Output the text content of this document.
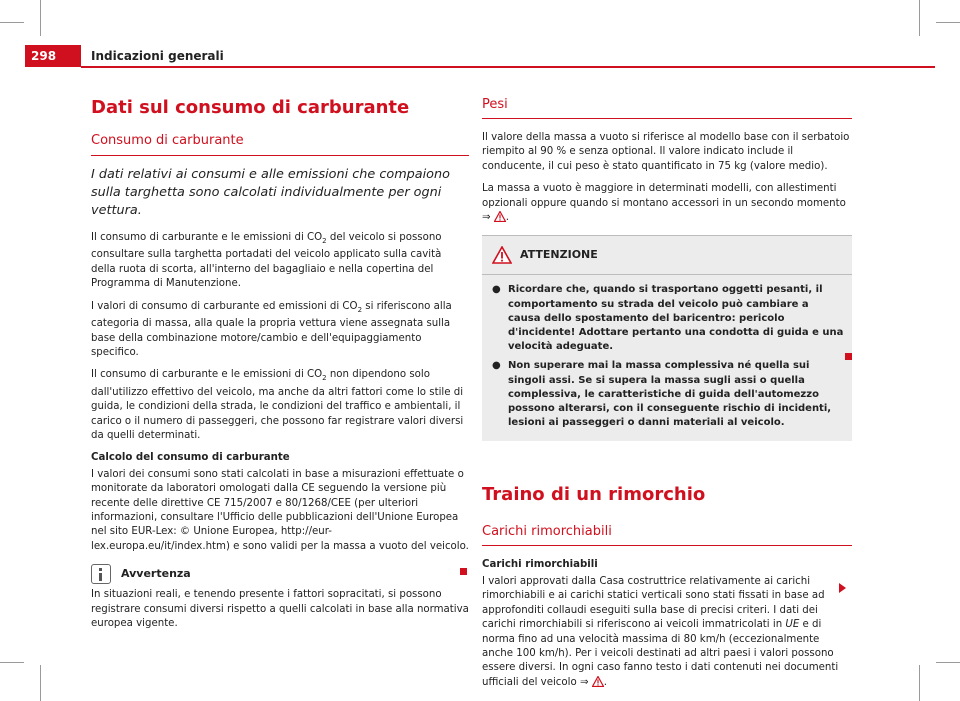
298	Indicazioni generali
Dati sul consumo di carburante
Consumo di carburante
I dati relativi ai consumi e alle emissioni che compaiono sulla targhetta sono calcolati individualmente per ogni vettura.

Il consumo di carburante e le emissioni di $CO_2$ del veicolo si possono consultare sulla targhetta portadati del veicolo applicato sulla cavità della ruota di scorta, all'interno del bagagliaio e nella copertina del Programma di Manutenzione.

I valori di consumo di carburante ed emissioni di $CO_2$ si riferiscono alla categoria di massa, alla quale la propria vettura viene assegnata sulla base della combinazione motore/cambio e dell'equipaggiamento specifico.

Il consumo di carburante e le emissioni di $CO_2$ non dipendono solo dall'utilizzo effettivo del veicolo, ma anche da altri fattori come lo stile di guida, le condizioni della strada, le condizioni del traffico e ambientali, il carico o il numero di passeggeri, che possono far registrare valori diversi da quelli determinati.

Calcolo del consumo di carburante

I valori dei consumi sono stati calcolati in base a misurazioni effettuate o monitorate da laboratori omologati dalla CE seguendo la versione più recente delle direttive CE 715/2007 e 80/1268/CEE (per ulteriori informazioni, consultare l'Ufficio delle pubblicazioni dell'Unione Europea nel sito EUR-Lex: © Unione Europea, http://eur-lex.europa.eu/it/index.htm) e sono validi per la massa a vuoto del veicolo.

Avvertenza
In situazioni reali, e tenendo presente i fattori sopracitati, si possono registrare consumi diversi rispetto a quelli calcolati in base alla normativa europea vigente.
Pesi

Il valore della massa a vuoto si riferisce al modello base con il serbatoio riempito al 90 % e senza optional. Il valore indicato include il conducente, il cui peso è stato quantificato in 75 kg (valore medio).

La massa a vuoto è maggiore in determinati modelli, con allestimenti opzionali oppure quando si montano accessori in un secondo momento ⇒ .

ATTENZIONE
● Ricordare che, quando si trasportano oggetti pesanti, il comportamento su strada del veicolo può cambiare a causa dello spostamento del baricentro: pericolo d'incidente! Adottare pertanto una condotta di guida e una velocità adeguate.
● Non superare mai la massa complessiva né quella sui singoli assi. Se si supera la massa sugli assi o quella complessiva, le caratteristiche di guida dell'automezzo possono alterarsi, con il conseguente rischio di incidenti, lesioni ai passeggeri o danni materiali al veicolo.
Traino di un rimorchio
Carichi rimorchiabili
Carichi rimorchiabili

I valori approvati dalla Casa costruttrice relativamente ai carichi rimorchiabili e ai carichi statici verticali sono stati fissati in base ad approfonditi collaudi eseguiti sulla base di precisi criteri. I dati dei carichi rimorchiabili si riferiscono ai veicoli immatricolati in UE e di norma fino ad una velocità massima di 80 km/h (eccezionalmente anche 100 km/h). Per i veicoli destinati ad altri paesi i valori possono essere diversi. In ogni caso fanno testo i dati contenuti nei documenti ufficiali del veicolo ⇒ .
